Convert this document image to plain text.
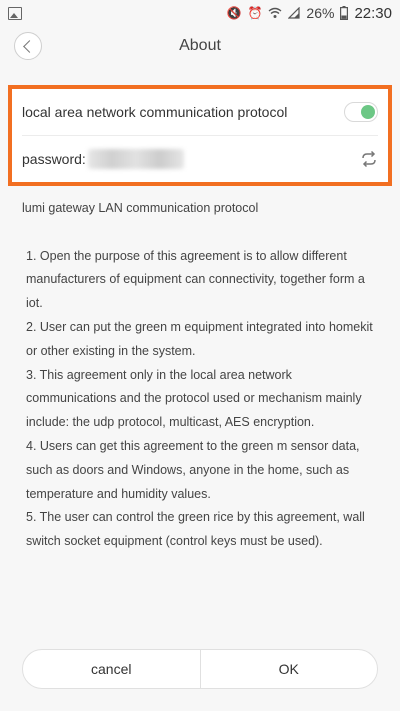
🔇 ⏰	26% 22:30
About
local area network communication protocol
password:

lumi gateway LAN communication protocol

1. Open the purpose of this agreement is to allow different manufacturers of equipment can connectivity, together form a iot.
2. User can put the green m equipment integrated into homekit or other existing in the system.
3. This agreement only in the local area network communications and the protocol used or mechanism mainly include: the udp protocol, multicast, AES encryption.
4. Users can get this agreement to the green m sensor data, such as doors and Windows, anyone in the home, such as temperature and humidity values.
5. The user can control the green rice by this agreement, wall switch socket equipment (control keys must be used).
cancel	OK
